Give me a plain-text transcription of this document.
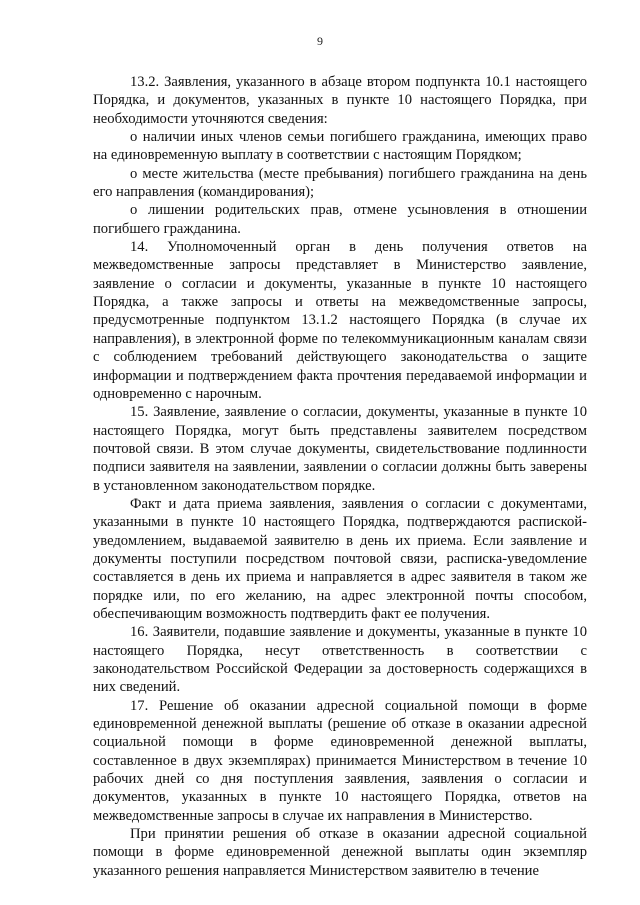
9

13.2. Заявления, указанного в абзаце втором подпункта 10.1 настоящего Порядка, и документов, указанных в пункте 10 настоящего Порядка, при необходимости уточняются сведения:

о наличии иных членов семьи погибшего гражданина, имеющих право на единовременную выплату в соответствии с настоящим Порядком;

о месте жительства (месте пребывания) погибшего гражданина на день его направления (командирования);

о лишении родительских прав, отмене усыновления в отношении погибшего гражданина.

14. Уполномоченный орган в день получения ответов на межведомственные запросы представляет в Министерство заявление, заявление о согласии и документы, указанные в пункте 10 настоящего Порядка, а также запросы и ответы на межведомственные запросы, предусмотренные подпунктом 13.1.2 настоящего Порядка (в случае их направления), в электронной форме по телекоммуникационным каналам связи с соблюдением требований действующего законодательства о защите информации и подтверждением факта прочтения передаваемой информации и одновременно с нарочным.

15. Заявление, заявление о согласии, документы, указанные в пункте 10 настоящего Порядка, могут быть представлены заявителем посредством почтовой связи. В этом случае документы, свидетельствование подлинности подписи заявителя на заявлении, заявлении о согласии должны быть заверены в установленном законодательством порядке.

Факт и дата приема заявления, заявления о согласии с документами, указанными в пункте 10 настоящего Порядка, подтверждаются распиской-уведомлением, выдаваемой заявителю в день их приема. Если заявление и документы поступили посредством почтовой связи, расписка-уведомление составляется в день их приема и направляется в адрес заявителя в таком же порядке или, по его желанию, на адрес электронной почты способом, обеспечивающим возможность подтвердить факт ее получения.

16. Заявители, подавшие заявление и документы, указанные в пункте 10 настоящего Порядка, несут ответственность в соответствии с законодательством Российской Федерации за достоверность содержащихся в них сведений.

17. Решение об оказании адресной социальной помощи в форме единовременной денежной выплаты (решение об отказе в оказании адресной социальной помощи в форме единовременной денежной выплаты, составленное в двух экземплярах) принимается Министерством в течение 10 рабочих дней со дня поступления заявления, заявления о согласии и документов, указанных в пункте 10 настоящего Порядка, ответов на межведомственные запросы в случае их направления в Министерство.

При принятии решения об отказе в оказании адресной социальной помощи в форме единовременной денежной выплаты один экземпляр указанного решения направляется Министерством заявителю в течение
